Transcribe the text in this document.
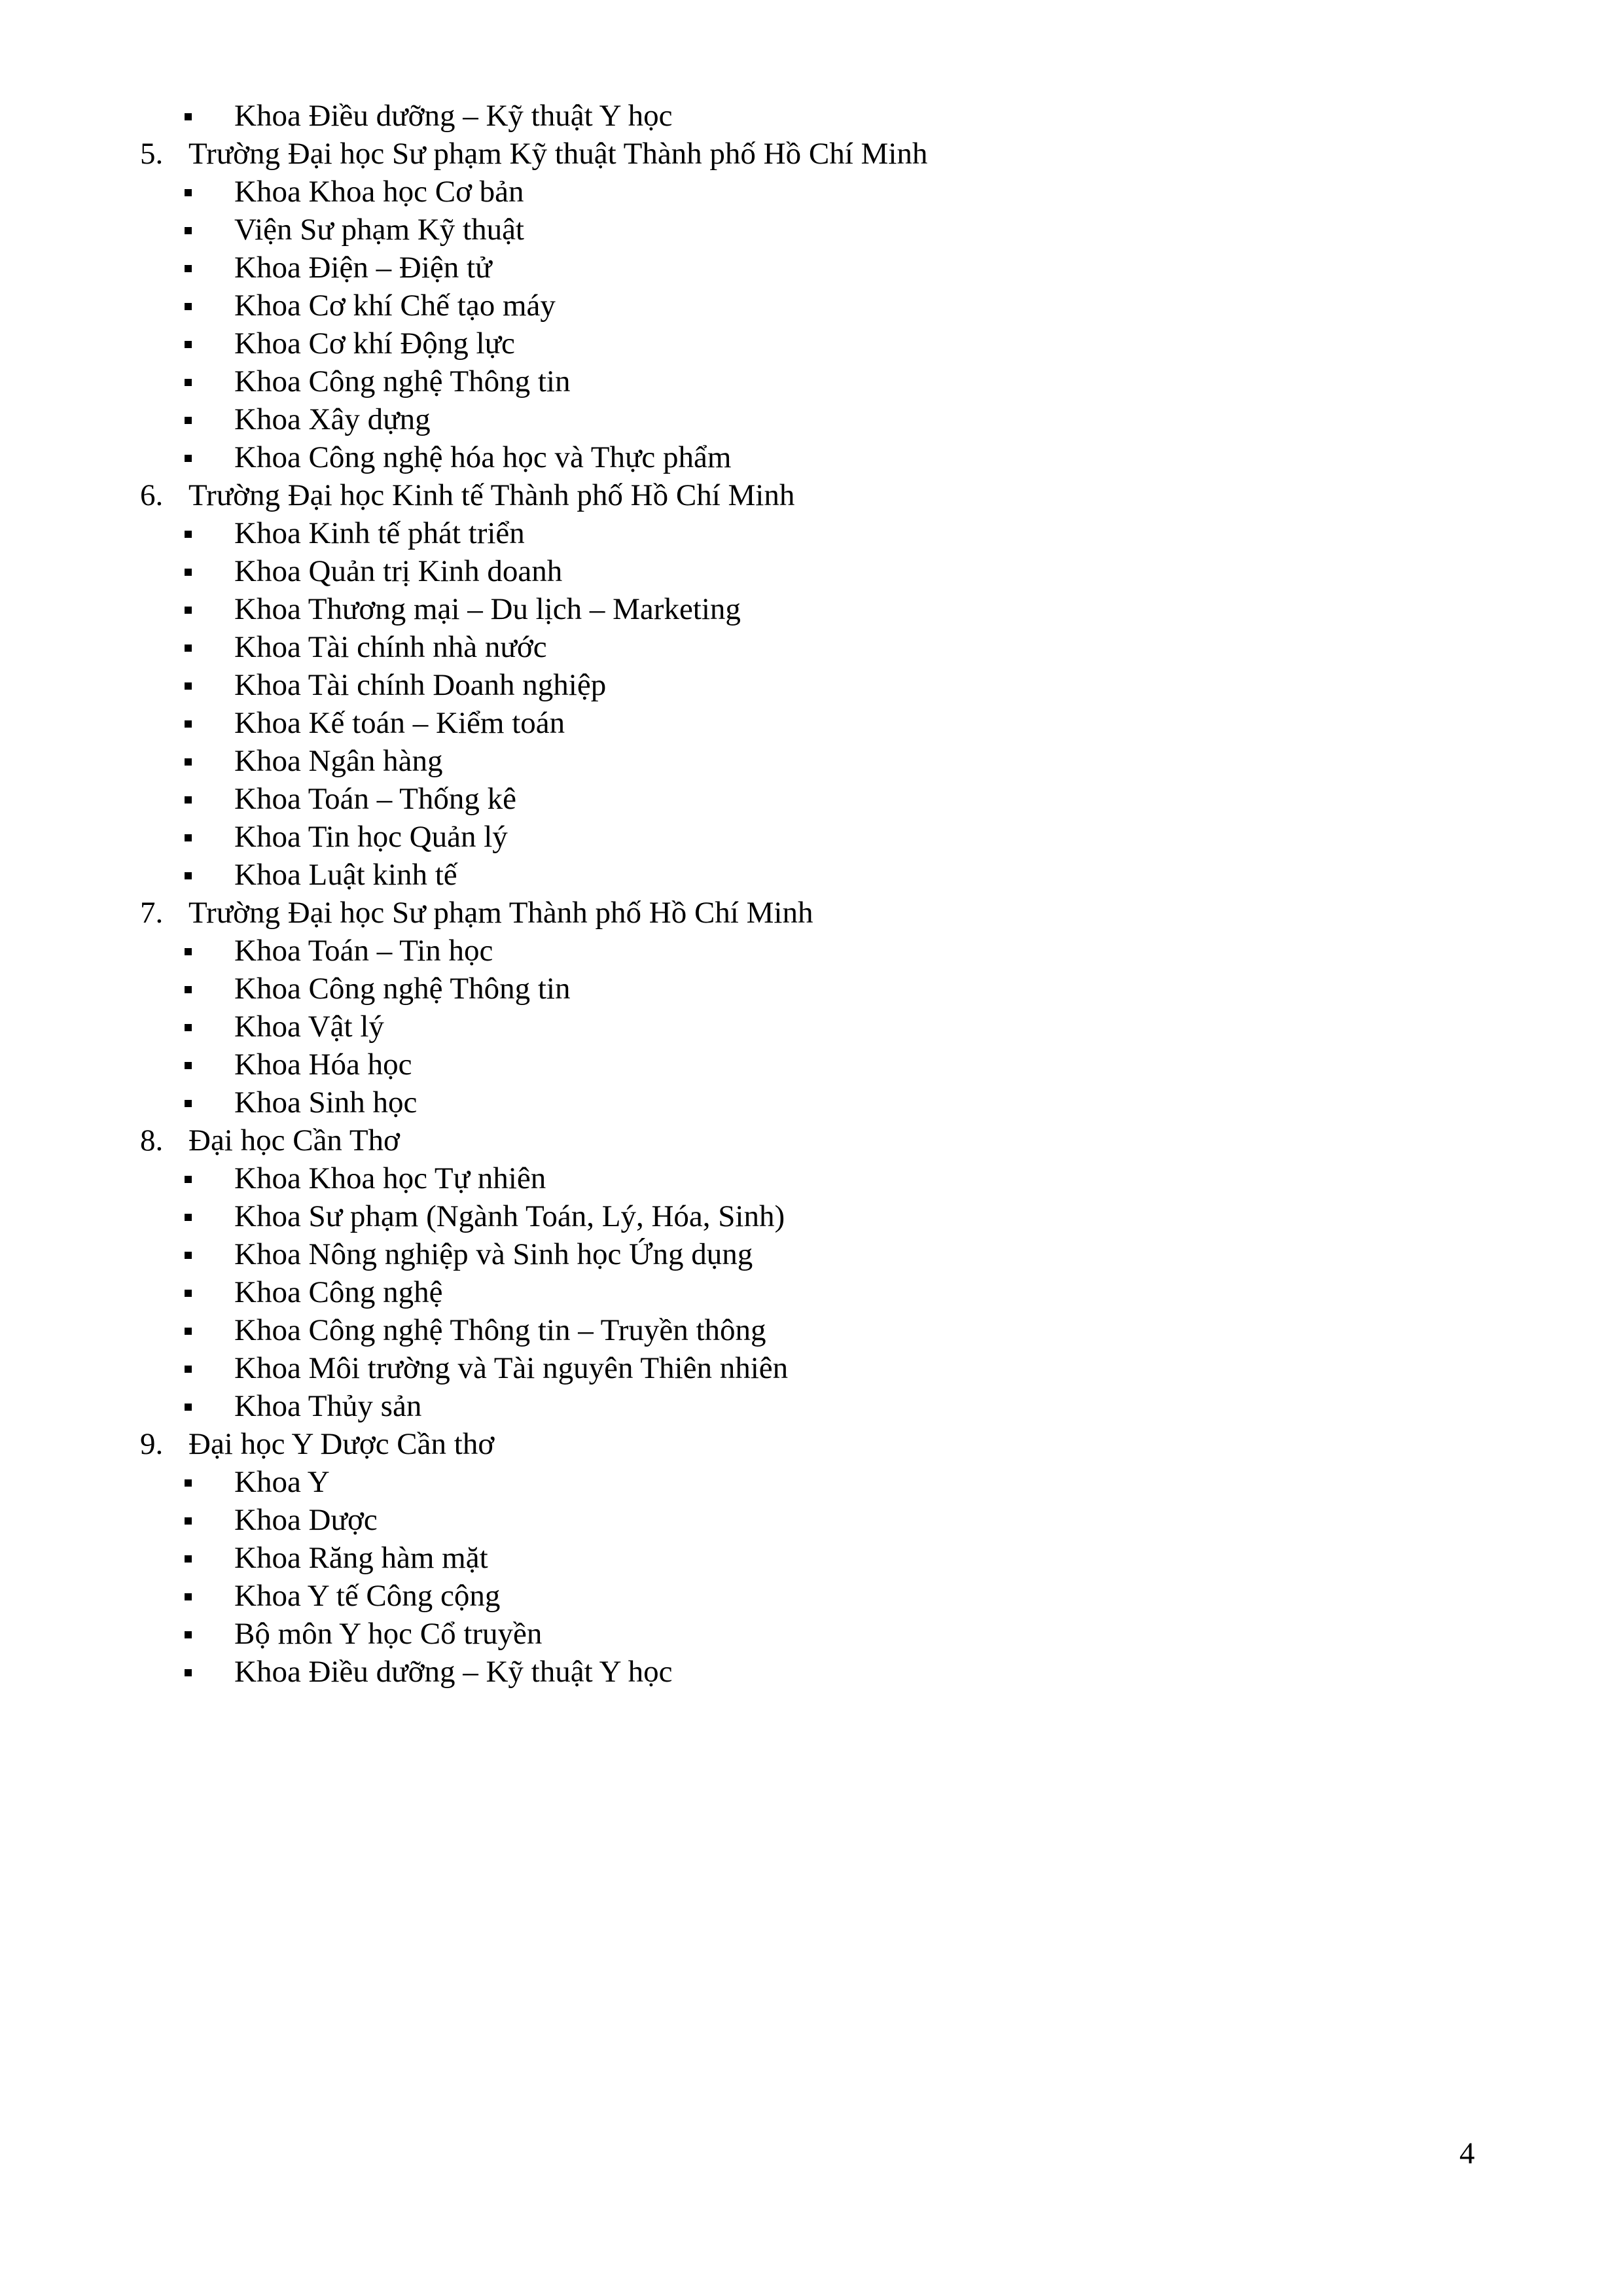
Khoa Điều dưỡng – Kỹ thuật Y học
5. Trường Đại học Sư phạm Kỹ thuật Thành phố Hồ Chí Minh
Khoa Khoa học Cơ bản
Viện Sư phạm Kỹ thuật
Khoa Điện – Điện tử
Khoa Cơ khí Chế tạo máy
Khoa Cơ khí Động lực
Khoa Công nghệ Thông tin
Khoa Xây dựng
Khoa Công nghệ hóa học và Thực phẩm
6. Trường Đại học Kinh tế Thành phố Hồ Chí Minh
Khoa Kinh tế phát triển
Khoa Quản trị Kinh doanh
Khoa Thương mại – Du lịch – Marketing
Khoa Tài chính nhà nước
Khoa Tài chính Doanh nghiệp
Khoa Kế toán – Kiểm toán
Khoa Ngân hàng
Khoa Toán – Thống kê
Khoa Tin học Quản lý
Khoa Luật kinh tế
7. Trường Đại học Sư phạm Thành phố Hồ Chí Minh
Khoa Toán – Tin học
Khoa Công nghệ Thông tin
Khoa Vật lý
Khoa Hóa học
Khoa Sinh học
8. Đại học Cần Thơ
Khoa Khoa học Tự nhiên
Khoa Sư phạm (Ngành Toán, Lý, Hóa, Sinh)
Khoa Nông nghiệp và Sinh học Ứng dụng
Khoa Công nghệ
Khoa Công nghệ Thông tin – Truyền thông
Khoa Môi trường và Tài nguyên Thiên nhiên
Khoa Thủy sản
9. Đại học Y Dược Cần thơ
Khoa Y
Khoa Dược
Khoa Răng hàm mặt
Khoa Y tế Công cộng
Bộ môn Y học Cổ truyền
Khoa Điều dưỡng – Kỹ thuật Y học
4
